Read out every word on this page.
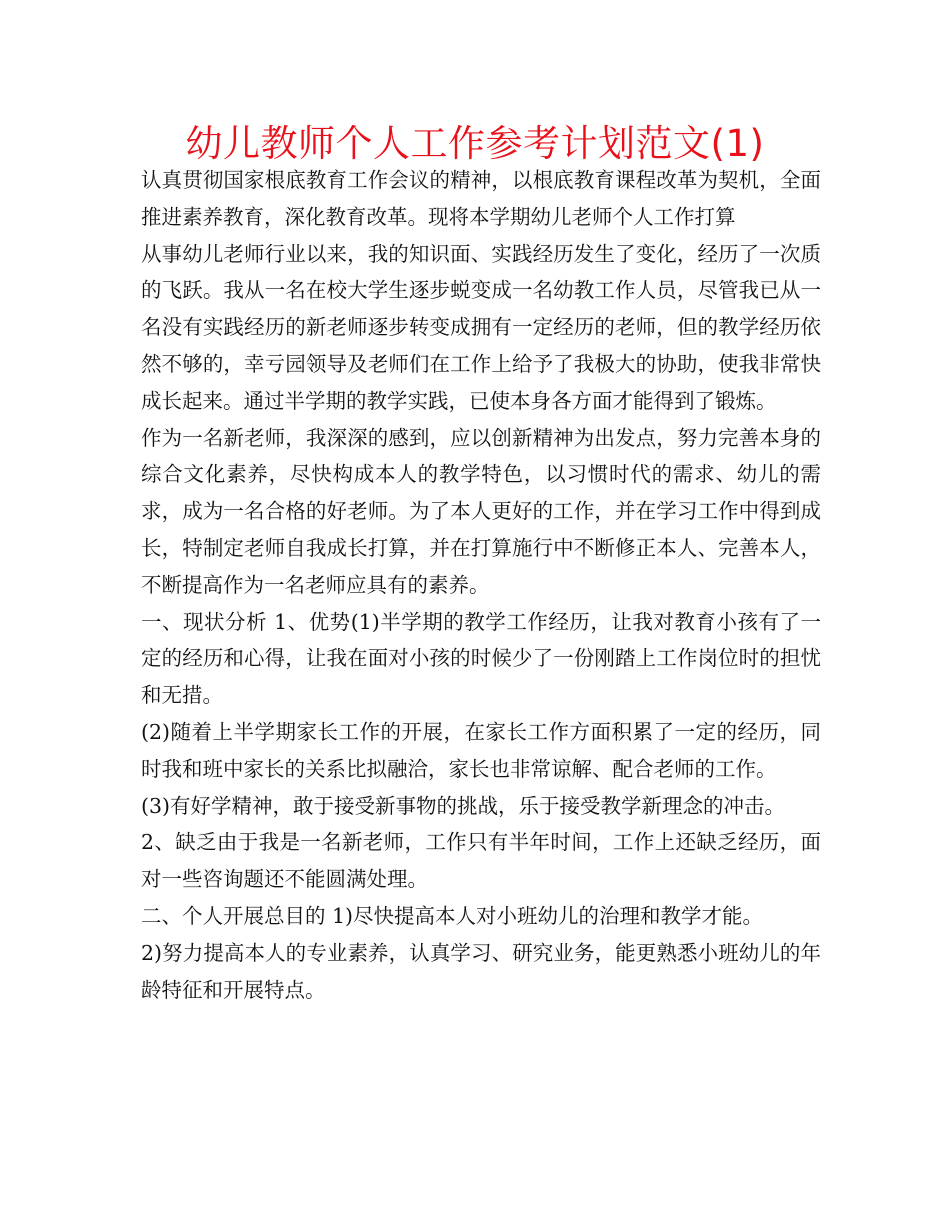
幼儿教师个人工作参考计划范文(1)

认真贯彻国家根底教育工作会议的精神，以根底教育课程改革为契机，全面推进素养教育，深化教育改革。现将本学期幼儿老师个人工作打算

从事幼儿老师行业以来，我的知识面、实践经历发生了变化，经历了一次质的飞跃。我从一名在校大学生逐步蜕变成一名幼教工作人员，尽管我已从一名没有实践经历的新老师逐步转变成拥有一定经历的老师，但的教学经历依然不够的，幸亏园领导及老师们在工作上给予了我极大的协助，使我非常快成长起来。通过半学期的教学实践，已使本身各方面才能得到了锻炼。

作为一名新老师，我深深的感到，应以创新精神为出发点，努力完善本身的综合文化素养，尽快构成本人的教学特色，以习惯时代的需求、幼儿的需求，成为一名合格的好老师。为了本人更好的工作，并在学习工作中得到成长，特制定老师自我成长打算，并在打算施行中不断修正本人、完善本人，不断提高作为一名老师应具有的素养。

一、现状分析 1、优势(1)半学期的教学工作经历，让我对教育小孩有了一定的经历和心得，让我在面对小孩的时候少了一份刚踏上工作岗位时的担忧和无措。

(2)随着上半学期家长工作的开展，在家长工作方面积累了一定的经历，同时我和班中家长的关系比拟融洽，家长也非常谅解、配合老师的工作。

(3)有好学精神，敢于接受新事物的挑战，乐于接受教学新理念的冲击。

2、缺乏由于我是一名新老师，工作只有半年时间，工作上还缺乏经历，面对一些咨询题还不能圆满处理。

二、个人开展总目的 1)尽快提高本人对小班幼儿的治理和教学才能。

2)努力提高本人的专业素养，认真学习、研究业务，能更熟悉小班幼儿的年龄特征和开展特点。
